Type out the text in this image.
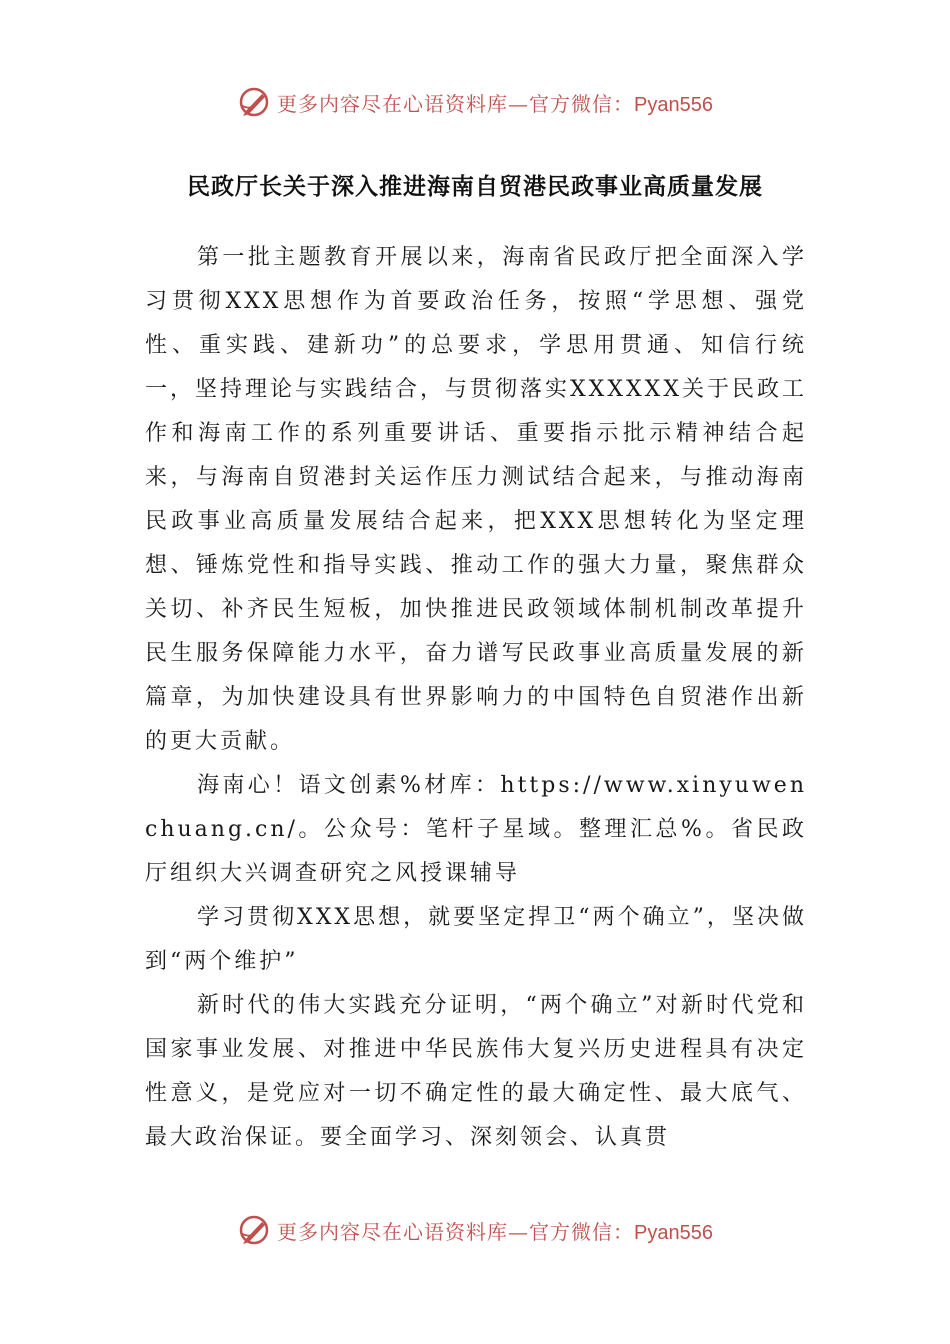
更多内容尽在心语资料库—官方微信：Pyan556
民政厅长关于深入推进海南自贸港民政事业高质量发展

第一批主题教育开展以来，海南省民政厅把全面深入学习贯彻XXX思想作为首要政治任务，按照“学思想、强党性、重实践、建新功”的总要求，学思用贯通、知信行统一，坚持理论与实践结合，与贯彻落实XXXXXX关于民政工作和海南工作的系列重要讲话、重要指示批示精神结合起来，与海南自贸港封关运作压力测试结合起来，与推动海南民政事业高质量发展结合起来，把XXX思想转化为坚定理想、锤炼党性和指导实践、推动工作的强大力量，聚焦群众关切、补齐民生短板，加快推进民政领域体制机制改革提升民生服务保障能力水平，奋力谱写民政事业高质量发展的新篇章，为加快建设具有世界影响力的中国特色自贸港作出新的更大贡献。

海南心！语文创素%材库：https://www.xinyuwenchuang.cn/。公众号：笔杆子星域。整理汇总%。省民政厅组织大兴调查研究之风授课辅导

学习贯彻XXX思想，就要坚定捍卫“两个确立”，坚决做到“两个维护”

新时代的伟大实践充分证明，“两个确立”对新时代党和国家事业发展、对推进中华民族伟大复兴历史进程具有决定性意义，是党应对一切不确定性的最大确定性、最大底气、最大政治保证。要全面学习、深刻领会、认真贯

更多内容尽在心语资料库—官方微信：Pyan556
